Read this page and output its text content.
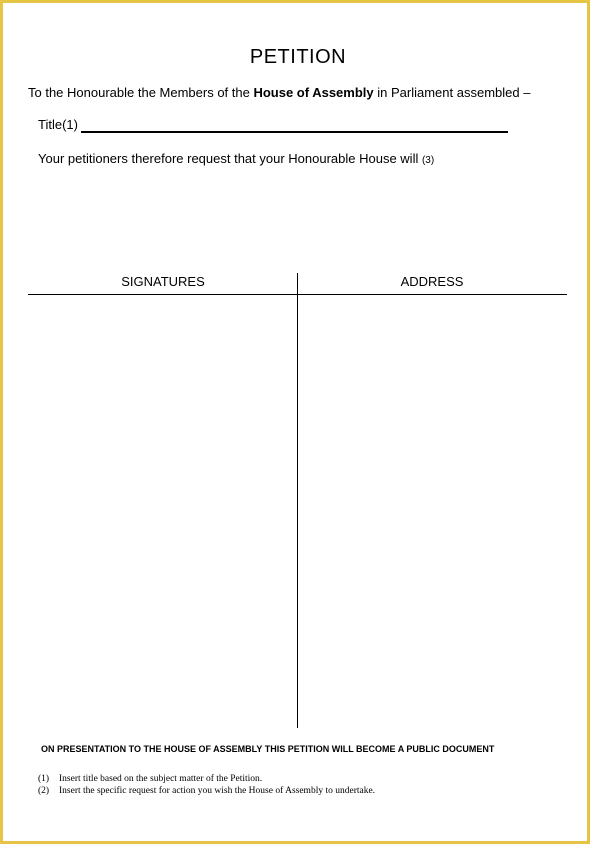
PETITION
To the Honourable the Members of the House of Assembly in Parliament assembled –
Title(1)
Your petitioners therefore request that your Honourable House will (3)
SIGNATURES	ADDRESS
ON PRESENTATION TO THE HOUSE OF ASSEMBLY THIS PETITION WILL BECOME A PUBLIC DOCUMENT
(1) Insert title based on the subject matter of the Petition.
(2) Insert the specific request for action you wish the House of Assembly to undertake.
